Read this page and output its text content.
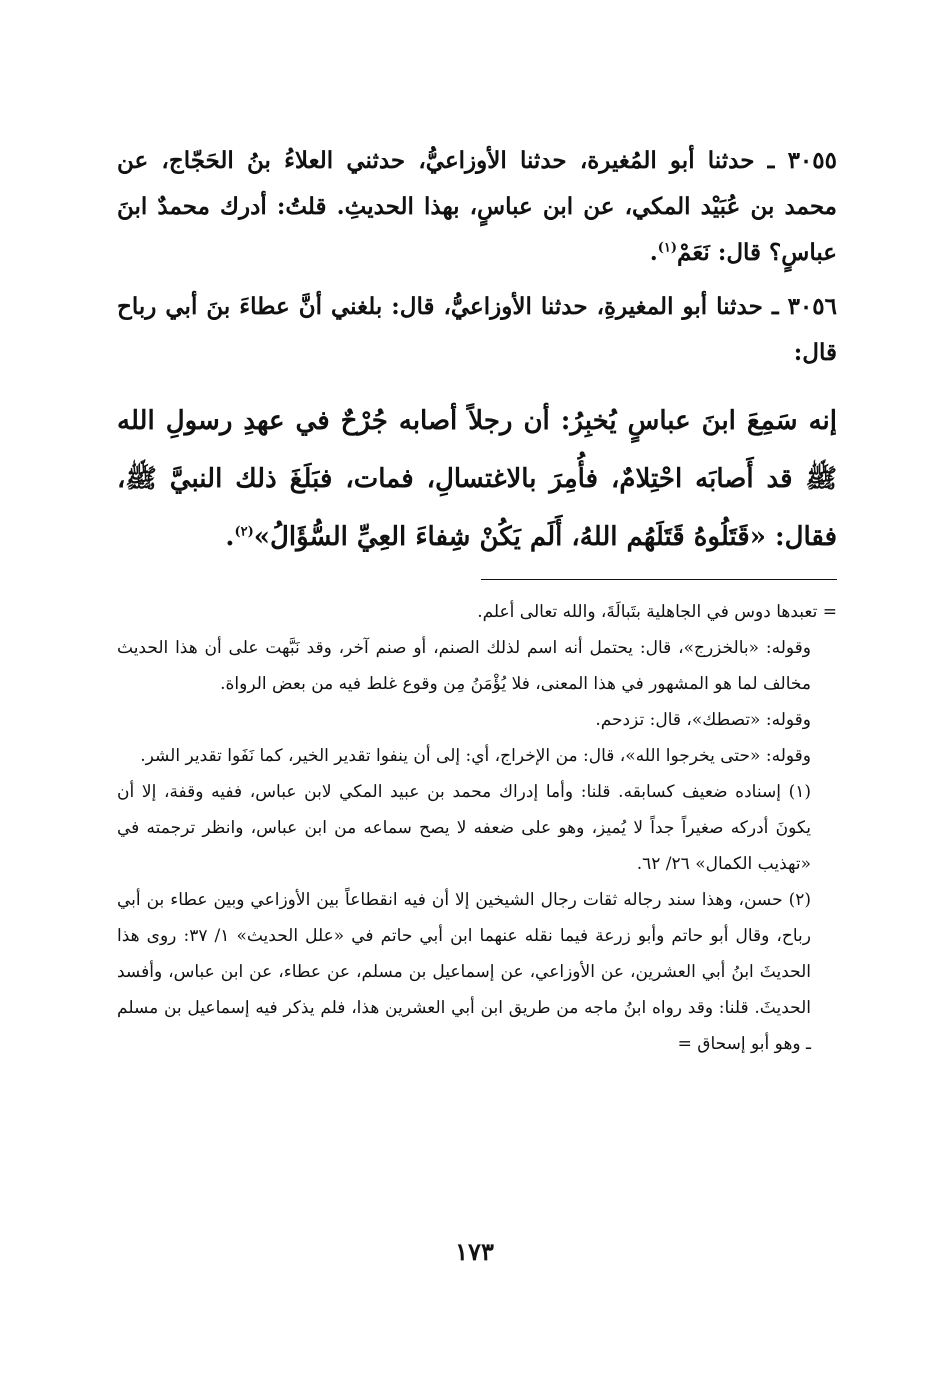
٣٠٥٥ ـ حدثنا أبو المُغيرة، حدثنا الأوزاعيُّ، حدثني العلاءُ بنُ الحَجّاج، عن محمد بن عُبَيْد المكي، عن ابن عباسٍ، بهذا الحديثِ. قلتُ: أدرك محمدٌ ابنَ عباسٍ؟ قال: نَعَمْ$^{(١)}$.
٣٠٥٦ ـ حدثنا أبو المغيرةِ، حدثنا الأوزاعيُّ، قال: بلغني أنَّ عطاءَ بنَ أبي رباح قال:
إنه سَمِعَ ابنَ عباسٍ يُخبِرُ: أن رجلاً أصابه جُرْحٌ في عهدِ رسولِ الله ﷺ قد أَصابَه احْتِلامٌ، فأُمِرَ بالاغتسالِ، فمات، فبَلَغَ ذلك النبيَّ ﷺ، فقال: «قَتَلُوهُ قَتَلَهُم اللهُ، أَلَم يَكُنْ شِفاءَ العِيِّ السُّؤَالُ»$^{(٢)}$.

= تعبدها دوس في الجاهلية بتَبالَةَ، والله تعالى أعلم.

وقوله: «بالخزرج»، قال: يحتمل أنه اسم لذلك الصنم، أو صنم آخر، وقد نَبَّهت على أن هذا الحديث مخالف لما هو المشهور في هذا المعنى، فلا يُؤْمَنُ مِن وقوع غلط فيه من بعض الرواة.

وقوله: «تصطك»، قال: تزدحم.

وقوله: «حتى يخرجوا الله»، قال: من الإخراج، أي: إلى أن ينفوا تقدير الخير، كما نَفَوا تقدير الشر.

(١) إسناده ضعيف كسابقه. قلنا: وأما إدراك محمد بن عبيد المكي لابن عباس، ففيه وقفة، إلا أن يكونَ أدركه صغيراً جداً لا يُميز، وهو على ضعفه لا يصح سماعه من ابن عباس، وانظر ترجمته في «تهذيب الكمال» ٢٦/ ٦٢.

(٢) حسن، وهذا سند رجاله ثقات رجال الشيخين إلا أن فيه انقطاعاً بين الأوزاعي وبين عطاء بن أبي رباح، وقال أبو حاتم وأبو زرعة فيما نقله عنهما ابن أبي حاتم في «علل الحديث» ١/ ٣٧: روى هذا الحديثَ ابنُ أبي العشرين، عن الأوزاعي، عن إسماعيل بن مسلم، عن عطاء، عن ابن عباس، وأفسد الحديثَ. قلنا: وقد رواه ابنُ ماجه من طريق ابن أبي العشرين هذا، فلم يذكر فيه إسماعيل بن مسلم ـ وهو أبو إسحاق =

١٧٣
